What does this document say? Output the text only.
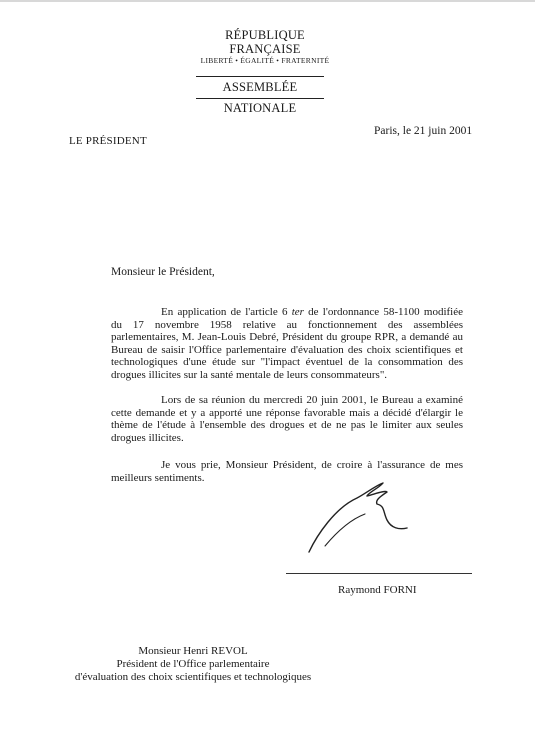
RÉPUBLIQUE FRANÇAISE
LIBERTÉ • ÉGALITÉ • FRATERNITÉ
ASSEMBLÉE NATIONALE
LE PRÉSIDENT
Paris, le 21 juin 2001
Monsieur le Président,
En application de l'article 6 ter de l'ordonnance 58-1100 modifiée du 17 novembre 1958 relative au fonctionnement des assemblées parlementaires, M. Jean-Louis Debré, Président du groupe RPR, a demandé au Bureau de saisir l'Office parlementaire d'évaluation des choix scientifiques et technologiques d'une étude sur "l'impact éventuel de la consommation des drogues illicites sur la santé mentale de leurs consommateurs".
Lors de sa réunion du mercredi 20 juin 2001, le Bureau a examiné cette demande et y a apporté une réponse favorable mais a décidé d'élargir le thème de l'étude à l'ensemble des drogues et de ne pas le limiter aux seules drogues illicites.
Je vous prie, Monsieur Président, de croire à l'assurance de mes meilleurs sentiments.
Raymond FORNI
Monsieur Henri REVOL
Président de l'Office parlementaire
d'évaluation des choix scientifiques et technologiques
